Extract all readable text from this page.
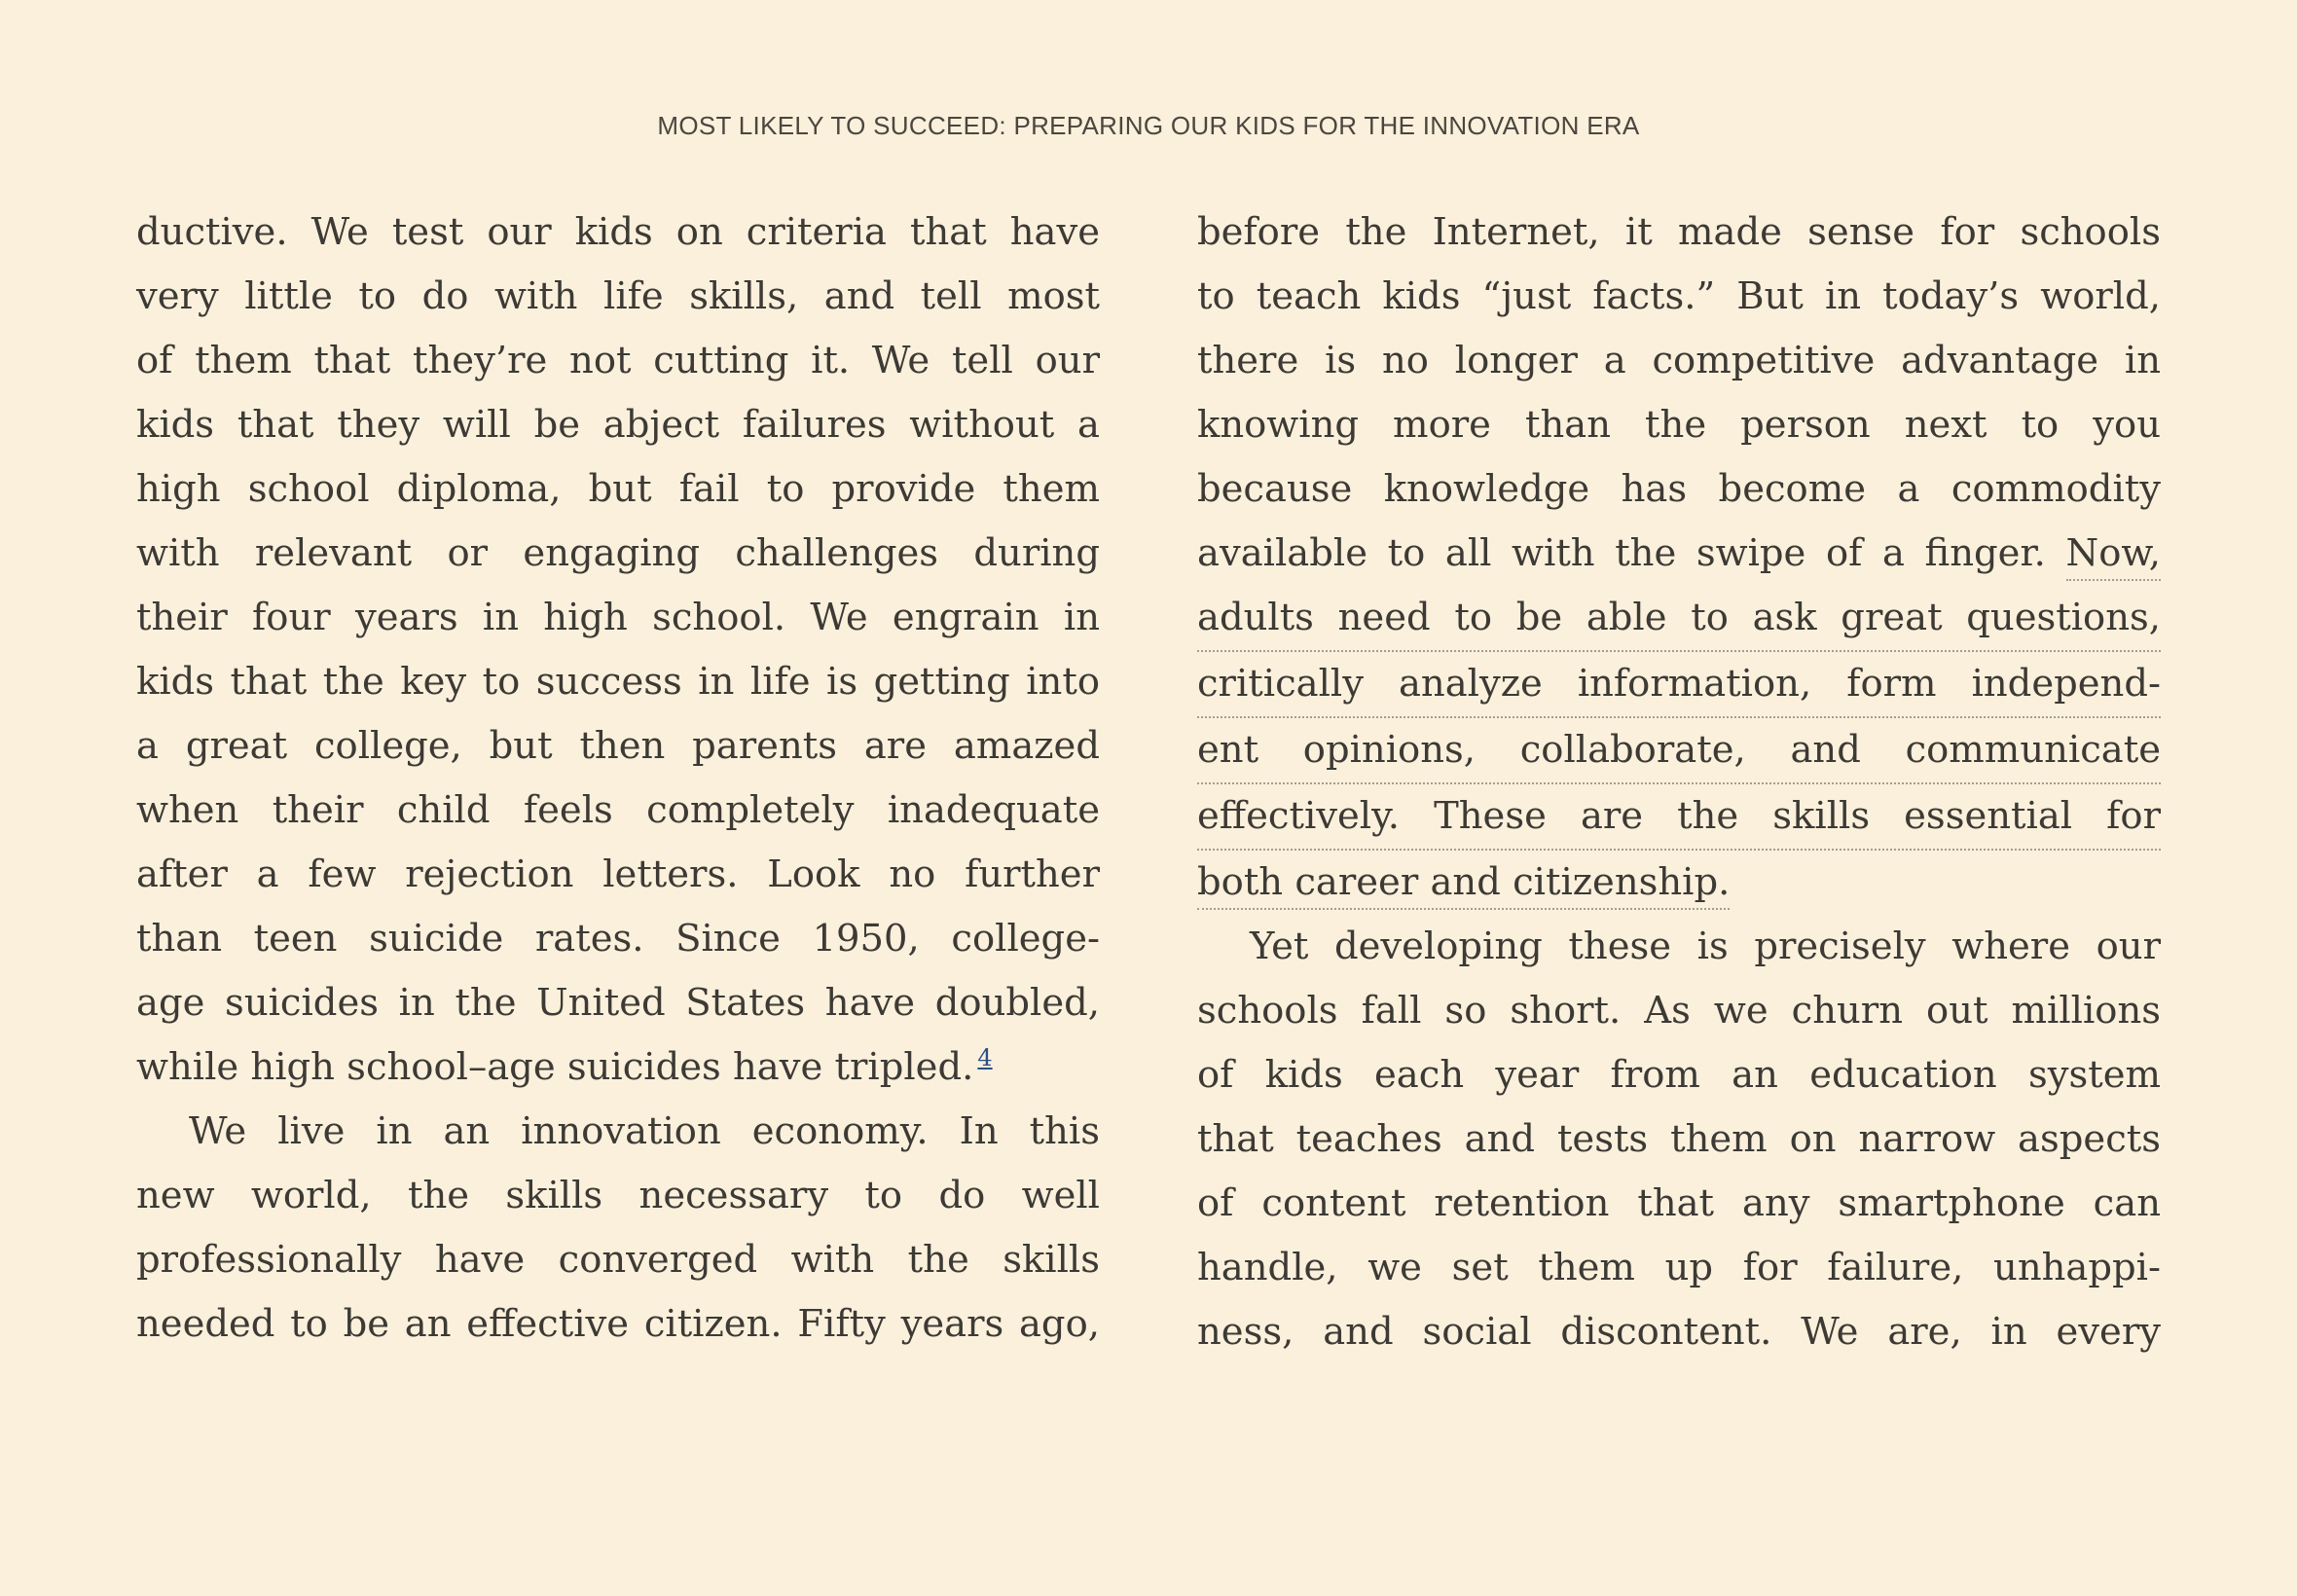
MOST LIKELY TO SUCCEED: PREPARING OUR KIDS FOR THE INNOVATION ERA
ductive. We test our kids on criteria that have
very little to do with life skills, and tell most
of them that they’re not cutting it. We tell our
kids that they will be abject failures without a
high school diploma, but fail to provide them
with relevant or engaging challenges during
their four years in high school. We engrain in
kids that the key to success in life is getting into
a great college, but then parents are amazed
when their child feels completely inadequate
after a few rejection letters. Look no further
than teen suicide rates. Since 1950, college-
age suicides in the United States have doubled,
while high school–age suicides have tripled. $^4$
We live in an innovation economy. In this
new world, the skills necessary to do well
professionally have converged with the skills
needed to be an effective citizen. Fifty years ago,
before the Internet, it made sense for schools
to teach kids “just facts.” But in today’s world,
there is no longer a competitive advantage in
knowing more than the person next to you
because knowledge has become a commodity
available to all with the swipe of a finger. Now,
adults need to be able to ask great questions,
critically analyze information, form independ-
ent opinions, collaborate, and communicate
effectively. These are the skills essential for
both career and citizenship.
Yet developing these is precisely where our
schools fall so short. As we churn out millions
of kids each year from an education system
that teaches and tests them on narrow aspects
of content retention that any smartphone can
handle, we set them up for failure, unhappi-
ness, and social discontent. We are, in every
